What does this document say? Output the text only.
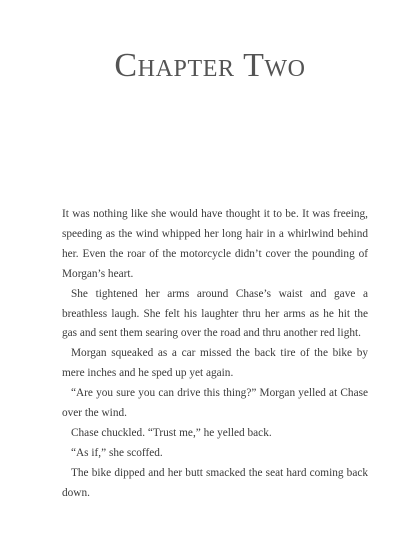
Chapter Two

It was nothing like she would have thought it to be. It was freeing, speeding as the wind whipped her long hair in a whirlwind behind her. Even the roar of the motorcycle didn’t cover the pounding of Morgan’s heart.

She tightened her arms around Chase’s waist and gave a breathless laugh. She felt his laughter thru her arms as he hit the gas and sent them searing over the road and thru another red light.

Morgan squeaked as a car missed the back tire of the bike by mere inches and he sped up yet again.

“Are you sure you can drive this thing?” Morgan yelled at Chase over the wind.

Chase chuckled. “Trust me,” he yelled back.

“As if,” she scoffed.

The bike dipped and her butt smacked the seat hard coming back down.
